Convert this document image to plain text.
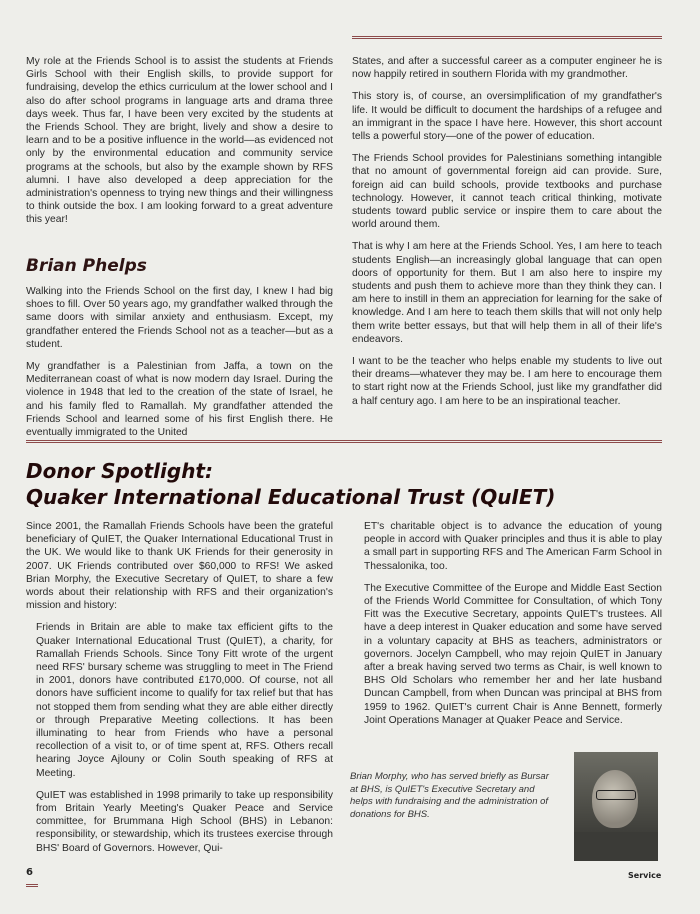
My role at the Friends School is to assist the students at Friends Girls School with their English skills, to provide support for fundraising, develop the ethics curriculum at the lower school and I also do after school programs in language arts and drama three days week. Thus far, I have been very excited by the students at the Friends School. They are bright, lively and show a desire to learn and to be a positive influence in the world—as evidenced not only by the environmental education and community service programs at the schools, but also by the example shown by RFS alumni. I have also developed a deep appreciation for the administration's openness to trying new things and their willingness to think outside the box. I am looking forward to a great adventure this year!

Brian Phelps

Walking into the Friends School on the first day, I knew I had big shoes to fill. Over 50 years ago, my grandfather walked through the same doors with similar anxiety and enthusiasm. Except, my grandfather entered the Friends School not as a teacher—but as a student.

My grandfather is a Palestinian from Jaffa, a town on the Mediterranean coast of what is now modern day Israel. During the violence in 1948 that led to the creation of the state of Israel, he and his family fled to Ramallah. My grandfather attended the Friends School and learned some of his first English there. He eventually immigrated to the United

States, and after a successful career as a computer engineer he is now happily retired in southern Florida with my grandmother.

This story is, of course, an oversimplification of my grandfather's life. It would be difficult to document the hardships of a refugee and an immigrant in the space I have here. However, this short account tells a powerful story—one of the power of education.

The Friends School provides for Palestinians something intangible that no amount of governmental foreign aid can provide. Sure, foreign aid can build schools, provide textbooks and purchase technology. However, it cannot teach critical thinking, motivate students toward public service or inspire them to care about the world around them.

That is why I am here at the Friends School. Yes, I am here to teach students English—an increasingly global language that can open doors of opportunity for them. But I am also here to inspire my students and push them to achieve more than they think they can. I am here to instill in them an appreciation for learning for the sake of knowledge. And I am here to teach them skills that will not only help them write better essays, but that will help them in all of their life's endeavors.

I want to be the teacher who helps enable my students to live out their dreams—whatever they may be. I am here to encourage them to start right now at the Friends School, just like my grandfather did a half century ago. I am here to be an inspirational teacher.

Donor Spotlight:
Quaker International Educational Trust (QuIET)

Since 2001, the Ramallah Friends Schools have been the grateful beneficiary of QuIET, the Quaker International Educational Trust in the UK. We would like to thank UK Friends for their generosity in 2007. UK Friends contributed over $60,000 to RFS! We asked Brian Morphy, the Executive Secretary of QuIET, to share a few words about their relationship with RFS and their organization's mission and history:

Friends in Britain are able to make tax efficient gifts to the Quaker International Educational Trust (QuIET), a charity, for Ramallah Friends Schools. Since Tony Fitt wrote of the urgent need RFS' bursary scheme was struggling to meet in The Friend in 2001, donors have contributed £170,000. Of course, not all donors have sufficient income to qualify for tax relief but that has not stopped them from sending what they are able either directly or through Preparative Meeting collections. It has been illuminating to hear from Friends who have a personal recollection of a visit to, or of time spent at, RFS. Others recall hearing Joyce Ajlouny or Colin South speaking of RFS at Meeting.

QuIET was established in 1998 primarily to take up responsibility from Britain Yearly Meeting's Quaker Peace and Service committee, for Brummana High School (BHS) in Lebanon: responsibility, or stewardship, which its trustees exercise through BHS' Board of Governors. However, Qui-

ET's charitable object is to advance the education of young people in accord with Quaker principles and thus it is able to play a small part in supporting RFS and The American Farm School in Thessalonika, too.

The Executive Committee of the Europe and Middle East Section of the Friends World Committee for Consultation, of which Tony Fitt was the Executive Secretary, appoints QuIET's trustees. All have a deep interest in Quaker education and some have served in a voluntary capacity at BHS as teachers, administrators or governors. Jocelyn Campbell, who may rejoin QuIET in January after a break having served two terms as Chair, is well known to BHS Old Scholars who remember her and her late husband Duncan Campbell, from when Duncan was principal at BHS from 1959 to 1962. QuIET's current Chair is Anne Bennett, formerly Joint Operations Manager at Quaker Peace and Service.

Brian Morphy, who has served briefly as Bursar at BHS, is QuIET's Executive Secretary and helps with fundraising and the administration of donations for BHS.
6	Service
